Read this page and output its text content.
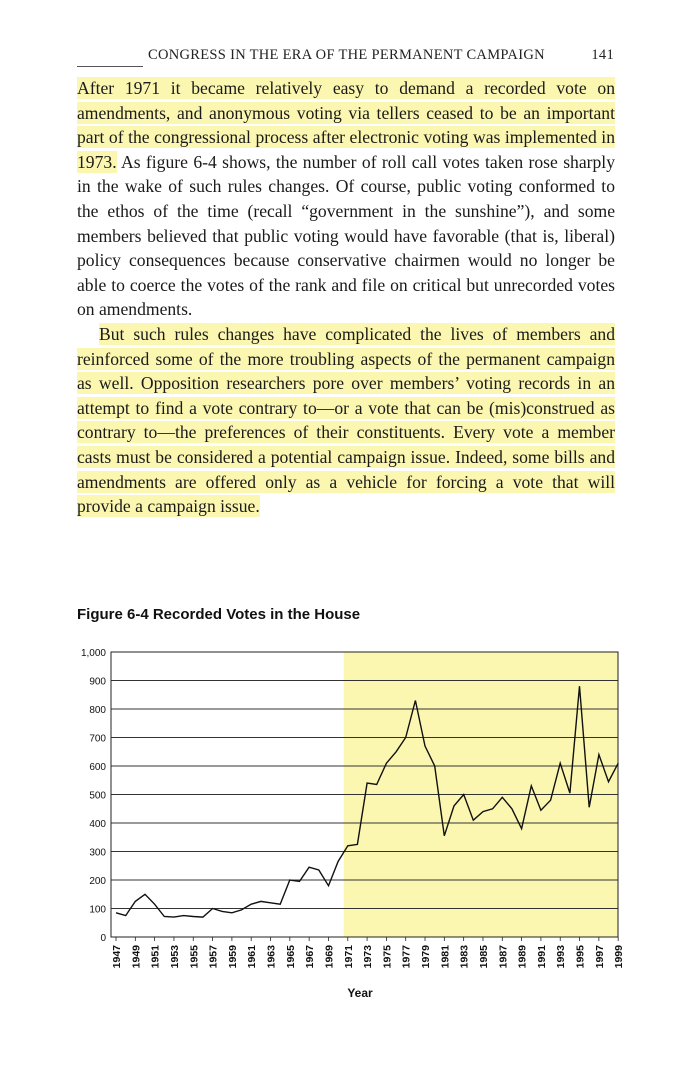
CONGRESS IN THE ERA OF THE PERMANENT CAMPAIGN	141

After 1971 it became relatively easy to demand a recorded vote on amendments, and anonymous voting via tellers ceased to be an important part of the congressional process after electronic voting was implemented in 1973. As figure 6-4 shows, the number of roll call votes taken rose sharply in the wake of such rules changes. Of course, public voting conformed to the ethos of the time (recall “government in the sunshine”), and some members believed that public voting would have favorable (that is, liberal) policy consequences because conservative chairmen would no longer be able to coerce the votes of the rank and file on critical but unrecorded votes on amendments.

But such rules changes have complicated the lives of members and reinforced some of the more troubling aspects of the permanent campaign as well. Opposition researchers pore over members’ voting records in an attempt to find a vote contrary to—or a vote that can be (mis)construed as contrary to—the preferences of their constituents. Every vote a member casts must be considered a potential campaign issue. Indeed, some bills and amendments are offered only as a vehicle for forcing a vote that will provide a campaign issue.

Figure 6-4 Recorded Votes in the House
0
100
200
300
400
500
600
700
800
900
1,000
1947 1949 1951 1953 1955 1957 1959 1961 1963 1965 1967 1969 1971 1973 1975 1977 1979 1981 1983 1985 1987 1989 1991 1993 1995 1997 1999
Year
